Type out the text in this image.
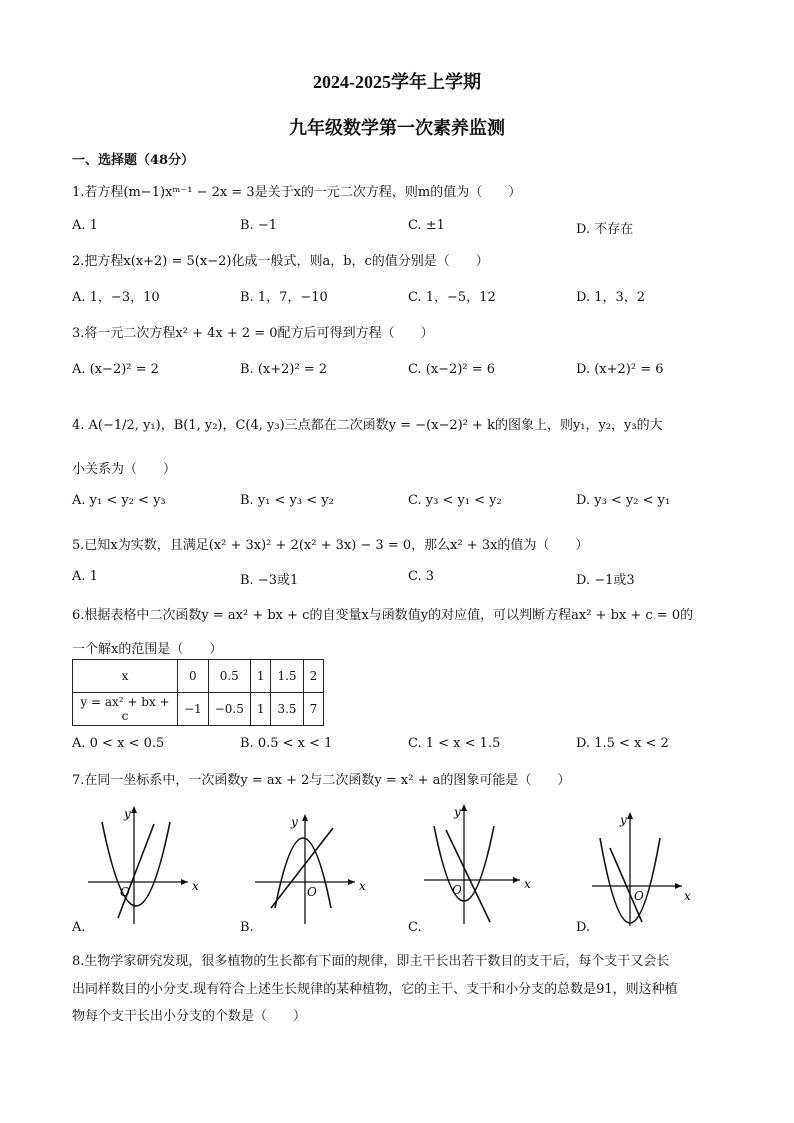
2024-2025学年上学期
九年级数学第一次素养监测
一、选择题（48分）
1.若方程(m−1)xᵐ⁻¹ − 2x = 3是关于x的一元二次方程，则m的值为（　　）
A. 1	B. −1	C. ±1	D. 不存在
2.把方程x(x+2) = 5(x−2)化成一般式，则a，b，c的值分别是（　　）
A. 1，−3，10	B. 1，7，−10	C. 1，−5，12	D. 1，3，2
3.将一元二次方程x² + 4x + 2 = 0配方后可得到方程（　　）
A. (x−2)² = 2	B. (x+2)² = 2	C. (x−2)² = 6	D. (x+2)² = 6
4. A(−1/2, y₁)，B(1, y₂)，C(4, y₃)三点都在二次函数y = −(x−2)² + k的图象上，则y₁，y₂，y₃的大
小关系为（　　）
A. y₁ < y₂ < y₃	B. y₁ < y₃ < y₂	C. y₃ < y₁ < y₂	D. y₃ < y₂ < y₁
5.已知x为实数，且满足(x² + 3x)² + 2(x² + 3x) − 3 = 0，那么x² + 3x的值为（　　）
A. 1	B. −3或1	C. 3	D. −1或3
6.根据表格中二次函数y = ax² + bx + c的自变量x与函数值y的对应值，可以判断方程ax² + bx + c = 0的
一个解x的范围是（　　）
x	0	0.5	1	1.5	2
y = ax² + bx + c	−1	−0.5	1	3.5	7
A. 0 < x < 0.5	B. 0.5 < x < 1	C. 1 < x < 1.5	D. 1.5 < x < 2
7.在同一坐标系中，一次函数y = ax + 2与二次函数y = x² + a的图象可能是（　　）
x
y
O
A.
x
y
O
B.
x
y
O
C.
x
y
O
D.
8.生物学家研究发现，很多植物的生长都有下面的规律，即主干长出若干数目的支干后，每个支干又会长
出同样数目的小分支.现有符合上述生长规律的某种植物，它的主干、支干和小分支的总数是91，则这种植
物每个支干长出小分支的个数是（　　）
